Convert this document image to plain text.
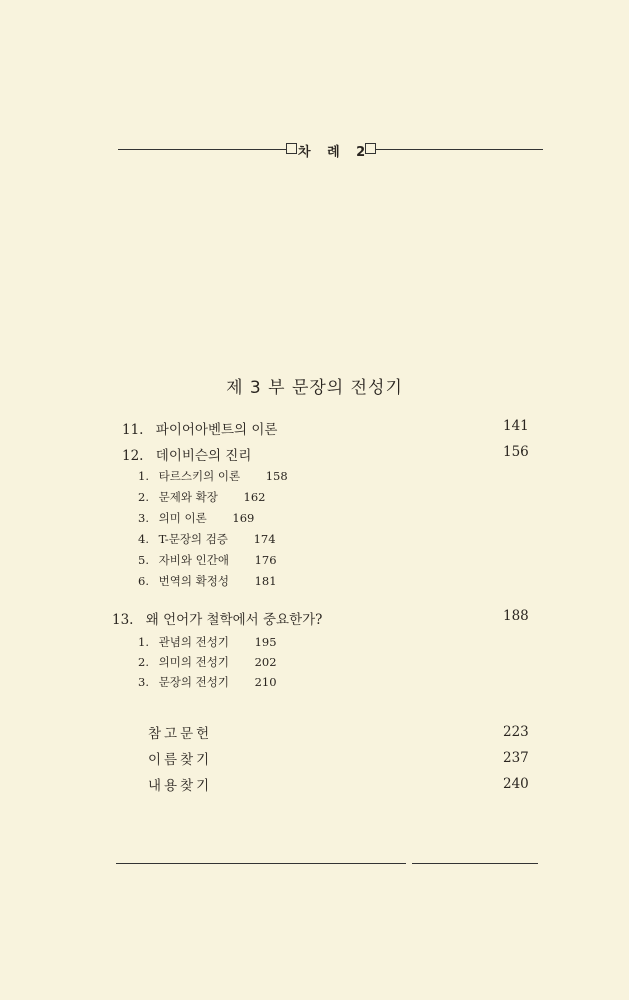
차 례 2
제 3 부 문장의 전성기
11. 파이어아벤트의 이론	141
12. 데이비슨의 진리	156
1. 타르스키의 이론 158
2. 문제와 확장 162
3. 의미 이론 169
4. T-문장의 검증 174
5. 자비와 인간애 176
6. 번역의 확정성 181
13. 왜 언어가 철학에서 중요한가?	188
1. 관념의 전성기 195
2. 의미의 전성기 202
3. 문장의 전성기 210
참고문헌	223
이름찾기	237
내용찾기	240
